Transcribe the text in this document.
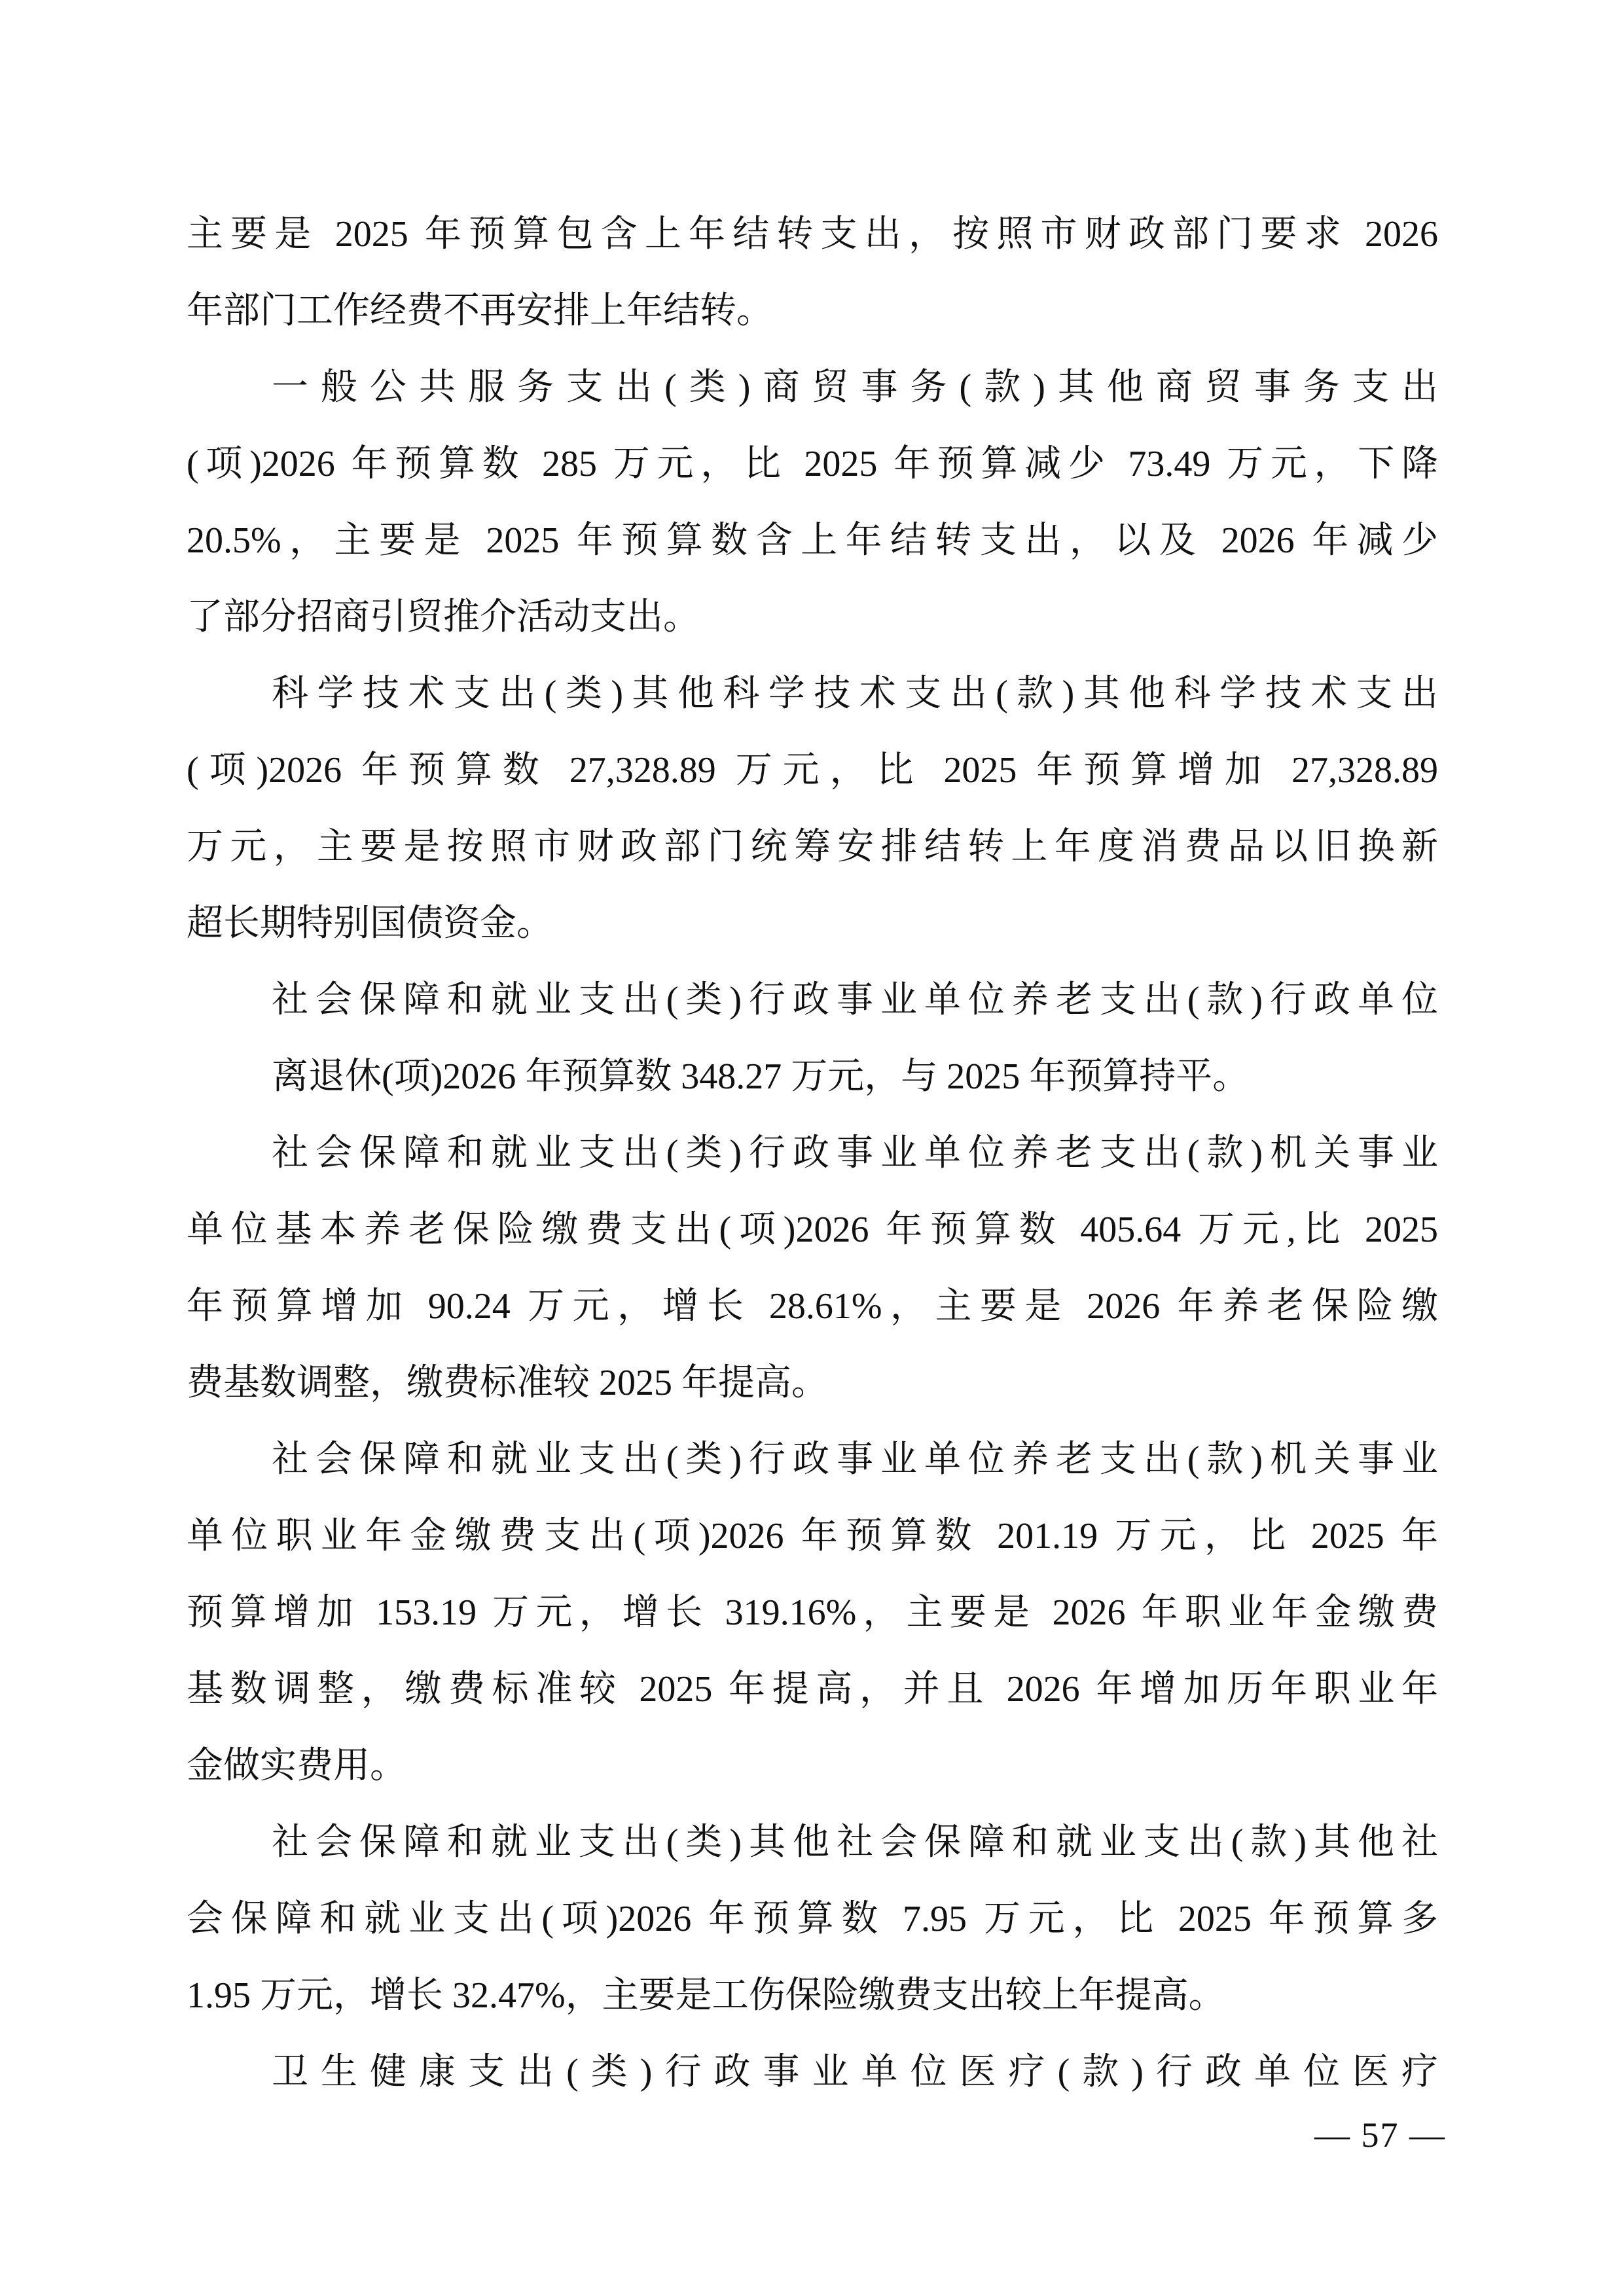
主要是 2025 年预算包含上年结转支出，按照市财政部门要求 2026

年部门工作经费不再安排上年结转。

一般公共服务支出(类)商贸事务(款)其他商贸事务支出

(项)2026 年预算数 285 万元，比 2025 年预算减少 73.49 万元，下降

20.5%，主要是 2025 年预算数含上年结转支出，以及 2026 年减少

了部分招商引贸推介活动支出。

科学技术支出(类)其他科学技术支出(款)其他科学技术支出

(项)2026 年预算数 27,328.89 万元，比 2025 年预算增加 27,328.89

万元，主要是按照市财政部门统筹安排结转上年度消费品以旧换新

超长期特别国债资金。

社会保障和就业支出(类)行政事业单位养老支出(款)行政单位

离退休(项)2026 年预算数 348.27 万元，与 2025 年预算持平。

社会保障和就业支出(类)行政事业单位养老支出(款)机关事业

单位基本养老保险缴费支出(项)2026 年预算数 405.64 万元,比 2025

年预算增加 90.24 万元，增长 28.61%，主要是 2026 年养老保险缴

费基数调整，缴费标准较 2025 年提高。

社会保障和就业支出(类)行政事业单位养老支出(款)机关事业

单位职业年金缴费支出(项)2026 年预算数 201.19 万元，比 2025 年

预算增加 153.19 万元，增长 319.16%，主要是 2026 年职业年金缴费

基数调整，缴费标准较 2025 年提高，并且 2026 年增加历年职业年

金做实费用。

社会保障和就业支出(类)其他社会保障和就业支出(款)其他社

会保障和就业支出(项)2026 年预算数 7.95 万元，比 2025 年预算多

1.95 万元，增长 32.47%，主要是工伤保险缴费支出较上年提高。

卫生健康支出(类)行政事业单位医疗(款)行政单位医疗

— 57 —
